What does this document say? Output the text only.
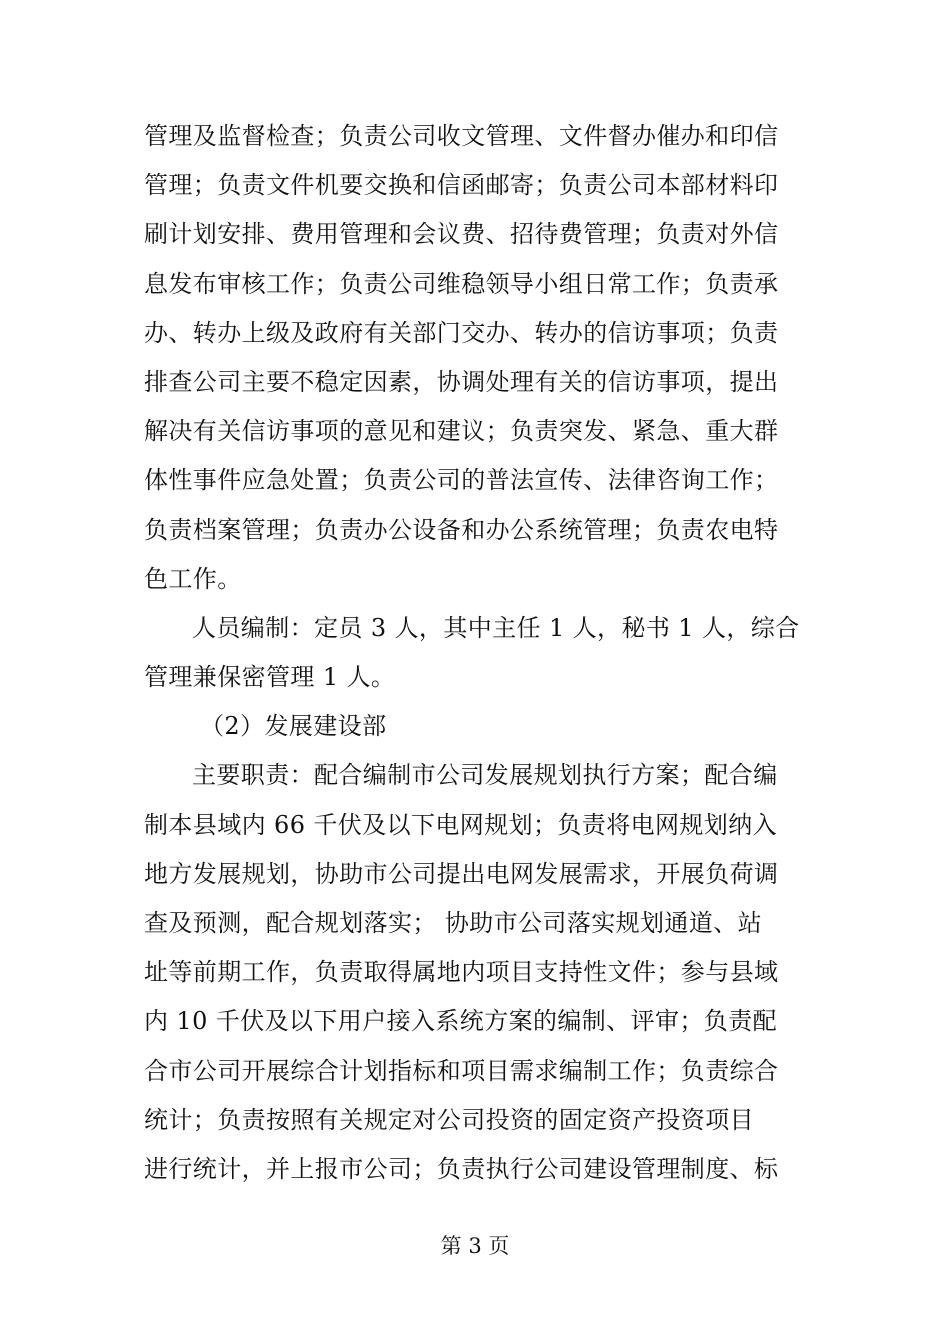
管理及监督检查；负责公司收文管理、文件督办催办和印信
管理；负责文件机要交换和信函邮寄；负责公司本部材料印
刷计划安排、费用管理和会议费、招待费管理；负责对外信
息发布审核工作；负责公司维稳领导小组日常工作；负责承
办、转办上级及政府有关部门交办、转办的信访事项；负责
排查公司主要不稳定因素，协调处理有关的信访事项，提出
解决有关信访事项的意见和建议；负责突发、紧急、重大群
体性事件应急处置；负责公司的普法宣传、法律咨询工作；
负责档案管理；负责办公设备和办公系统管理；负责农电特
色工作。
人员编制：定员 3 人，其中主任 1 人，秘书 1 人，综合
管理兼保密管理 1 人。
（2）发展建设部
主要职责：配合编制市公司发展规划执行方案；配合编
制本县域内 66 千伏及以下电网规划；负责将电网规划纳入
地方发展规划，协助市公司提出电网发展需求，开展负荷调
查及预测，配合规划落实； 协助市公司落实规划通道、站
址等前期工作，负责取得属地内项目支持性文件；参与县域
内 10 千伏及以下用户接入系统方案的编制、评审；负责配
合市公司开展综合计划指标和项目需求编制工作；负责综合
统计；负责按照有关规定对公司投资的固定资产投资项目
进行统计，并上报市公司；负责执行公司建设管理制度、标
第 3 页
